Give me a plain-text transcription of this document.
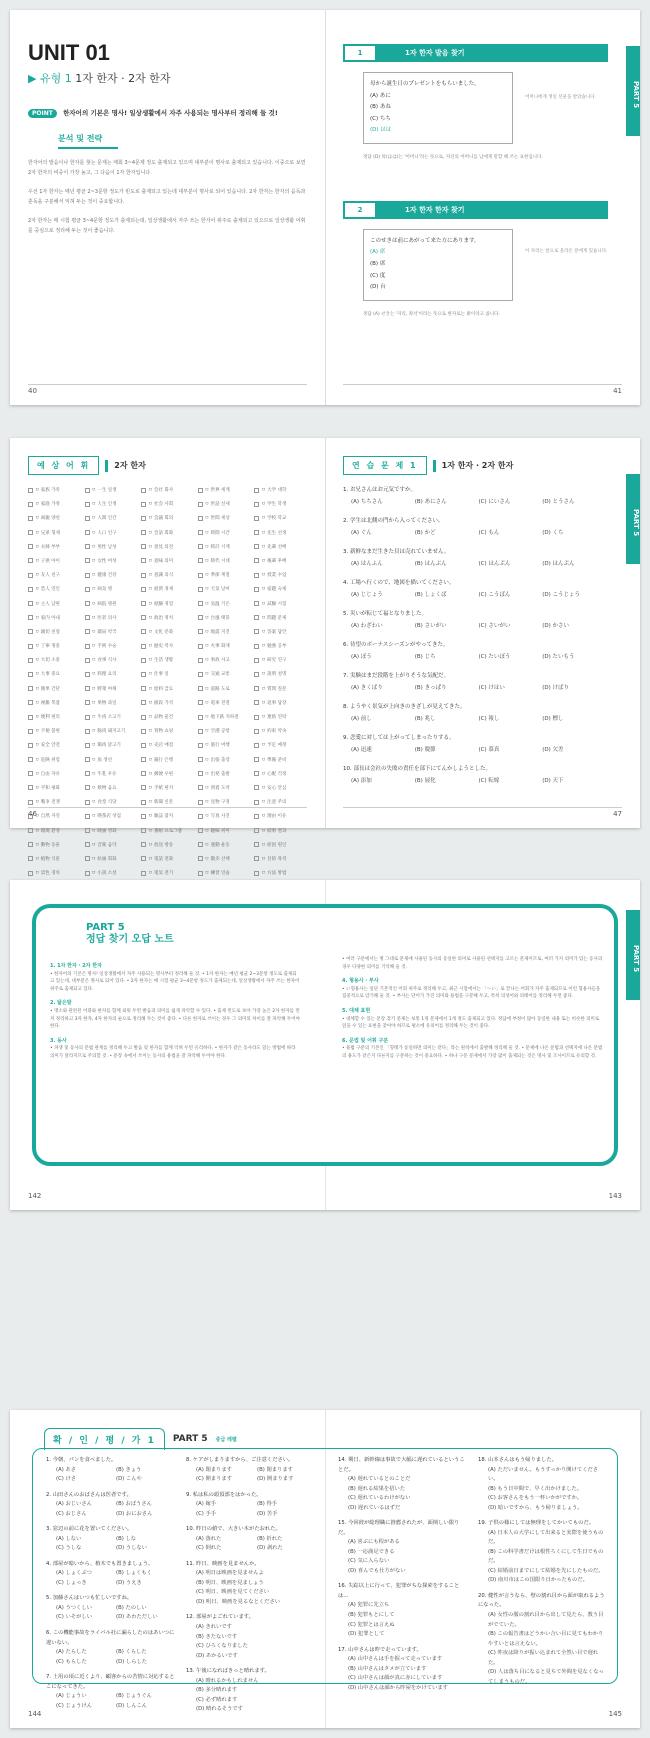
UNIT 01
▶ 유형 1 1자 한자 · 2자 한자
POINT 한자어의 기본은 명사! 일상생활에서 자주 사용되는 명사부터 정리해 둘 것!
분석 및 전략
한자어의 발음이나 한자를 찾는 문제는 매회 3~4문제 정도 출제되고 있으며 대부분이 명사로 출제되고 있습니다. 이중으로 보면 2자 한자의 비중이 가장 높고, 그 다음이 1자 한자입니다.
우선 1자 한자는 매년 평균 2~3문항 정도가 빈도로 출제되고 있는데 대부분이 명사로 되어 있습니다. 2자 한자는 한자의 음독과 훈독을 구분해서 익혀 두는 것이 중요합니다.
2자 한자는 매 시험 평균 3~4문항 정도가 출제되는데, 일상생활에서 자주 쓰는 한자어 위주로 출제되고 있으므로 일상생활 어휘를 중심으로 정리해 두는 것이 좋습니다.
40
PART 5
1	1자 한자 발음 찾기
母から誕生日のプレゼントをもらいました。
(A) あに
(B) あね
(C) ちち
(D) はは
어머니에게 생일 선물을 받았습니다.
정답 (D) 母(はは)는 '어머니'라는 뜻으로, 자신의 어머니를 남에게 말할 때 쓰는 표현입니다.
2	1자 한자 한자 찾기
このせきは前にあがって来た方にあります。
(A) 席
(B) 席
(C) 度
(D) 台
이 자리는 앞으로 올라온 분에게 있습니다.
정답 (A) せき는 '자리, 좌석'이라는 뜻으로 한자로는 席이라고 씁니다.
41
예 상 어 휘	2자 한자
ㅁ 家族 가족	ㅁ 一生 일생	ㅁ 会社 회사	ㅁ 世界 세계	ㅁ 大学 대학
ㅁ 家庭 가정	ㅁ 人生 인생	ㅁ 社会 사회	ㅁ 世話 신세	ㅁ 学生 학생
ㅁ 両親 양친	ㅁ 人間 인간	ㅁ 会議 회의	ㅁ 世間 세상	ㅁ 学校 학교
ㅁ 兄弟 형제	ㅁ 人口 인구	ㅁ 会話 회화	ㅁ 時間 시간	ㅁ 先生 선생
ㅁ 夫婦 부부	ㅁ 男性 남성	ㅁ 意見 의견	ㅁ 時計 시계	ㅁ 先輩 선배
ㅁ 子供 아이	ㅁ 女性 여성	ㅁ 意味 의미	ㅁ 時代 시대	ㅁ 後輩 후배
ㅁ 友人 친구	ㅁ 健康 건강	ㅁ 意識 의식	ㅁ 季節 계절	ㅁ 授業 수업
ㅁ 恋人 연인	ㅁ 病気 병	ㅁ 経済 경제	ㅁ 天気 날씨	ㅁ 宿題 숙제
ㅁ 主人 남편	ㅁ 病院 병원	ㅁ 経験 경험	ㅁ 気温 기온	ㅁ 試験 시험
ㅁ 家内 아내	ㅁ 医者 의사	ㅁ 政治 정치	ㅁ 台風 태풍	ㅁ 問題 문제
ㅁ 親切 친절	ㅁ 薬局 약국	ㅁ 文化 문화	ㅁ 地震 지진	ㅁ 答案 답안
ㅁ 丁寧 정중	ㅁ 手術 수술	ㅁ 歴史 역사	ㅁ 火事 화재	ㅁ 勉強 공부
ㅁ 大切 소중	ㅁ 食事 식사	ㅁ 生活 생활	ㅁ 事故 사고	ㅁ 研究 연구
ㅁ 大事 중요	ㅁ 料理 요리	ㅁ 仕事 일	ㅁ 交通 교통	ㅁ 説明 설명
ㅁ 簡単 간단	ㅁ 野菜 야채	ㅁ 給料 급료	ㅁ 道路 도로	ㅁ 質問 질문
ㅁ 複雑 복잡	ㅁ 果物 과일	ㅁ 値段 가격	ㅁ 電車 전철	ㅁ 返事 답장
ㅁ 便利 편리	ㅁ 牛肉 소고기	ㅁ 品物 물건	ㅁ 地下鉄 지하철	ㅁ 連絡 연락
ㅁ 不便 불편	ㅁ 豚肉 돼지고기	ㅁ 買物 쇼핑	ㅁ 空港 공항	ㅁ 約束 약속
ㅁ 安全 안전	ㅁ 鶏肉 닭고기	ㅁ 売店 매점	ㅁ 旅行 여행	ㅁ 予定 예정
ㅁ 危険 위험	ㅁ 魚 생선	ㅁ 銀行 은행	ㅁ 出張 출장	ㅁ 準備 준비
ㅁ 自由 자유	ㅁ 牛乳 우유	ㅁ 郵便 우편	ㅁ 出発 출발	ㅁ 心配 걱정
ㅁ 平和 평화	ㅁ 飲物 음료	ㅁ 手紙 편지	ㅁ 到着 도착	ㅁ 安心 안심
ㅁ 戦争 전쟁	ㅁ 食堂 식당	ㅁ 新聞 신문	ㅁ 見物 구경	ㅁ 注意 주의
ㅁ 自然 자연	ㅁ 喫茶店 찻집	ㅁ 雑誌 잡지	ㅁ 写真 사진	ㅁ 理由 이유
ㅁ 環境 환경	ㅁ 映画 영화	ㅁ 番組 프로그램	ㅁ 趣味 취미	ㅁ 結果 결과
ㅁ 動物 동물	ㅁ 音楽 음악	ㅁ 放送 방송	ㅁ 運動 운동	ㅁ 原因 원인
ㅁ 植物 식물	ㅁ 絵画 회화	ㅁ 電話 전화	ㅁ 散歩 산책	ㅁ 目的 목적
ㅁ 景色 경치	ㅁ 小説 소설	ㅁ 電気 전기	ㅁ 練習 연습	ㅁ 方法 방법
46
PART 5
연 습 문 제 1	1자 한자 · 2자 한자
1. お兄さんはお元気ですか。
(A) ちちさん	(B) あにさん	(C) にいさん	(D) とうさん
2. 学生は北側の門から入ってください。
(A) ぐん	(B) かど	(C) もん	(D) くち
3. 新鮮なまだ生きた貝は売れていません。
(A) はんふん	(B) はんぶん	(C) はんぷん	(D) はんぷん
4. 工場へ行くので、地図を描いてください。
(A) じじょう	(B) しょくば	(C) こうばん	(D) こうじょう
5. 災いが転じて福となりました。
(A) わざわい	(B) さいがい	(C) さいがい	(D) かさい
6. 待望のボーナスシーズンがやってきた。
(A) ぼう	(B) じち	(C) たいぼう	(D) たいもう
7. 実験はまだ段階を上がりそうな気配だ。
(A) きくばり	(B) きっぱり	(C) けはい	(D) けばり
8. ようやく景気が上向きのきざしが見えてきた。
(A) 前し	(B) 兆し	(C) 報し	(D) 標し
9. 恋愛に対しては上がってしまったりする。
(A) 迅速	(B) 慶節	(C) 慕真	(D) 欠差
10. 部長は会社の失敗の責任を部下にてんかしようとした。
(A) 添加	(B) 展化	(C) 転嫁	(D) 天下
47
PART 5
PART 5
정답 찾기 오답 노트
1. 1자 한자 · 2자 한자
• 한자어의 기본은 명사! 일상생활에서 자주 사용되는 명사부터 정리해 둘 것. • 1자 한자는 매년 평균 2~3문항 정도로 출제되고 있는데, 대부분은 명사로 되어 있다. • 2자 한자는 매 시험 평균 3~4문항 정도가 출제되는데, 일상생활에서 자주 쓰는 한자어 위주로 출제되고 있다.
2. 닮은말
• 명소와 관련된 어휘와 한자를 함께 외워 두면 발음과 의미를 쉽게 파악할 수 있다. • 출제 빈도로 보아 가장 높은 2자 한자를 먼저 정리하고 3자 한자, 4자 한자의 순으로 정리해 두는 것이 좋다. • 다른 한자로 쓰이는 경우 그 의미의 차이를 잘 파악해 두어야 한다.
3. 동사
• 파생 및 동사의 문법 관계를 정리해 두고 발음 및 한자를 함께 익혀 두면 유리하다. • 한자가 같은 동사라도 읽는 방법에 따라 의미가 달라지므로 주의할 것. • 문장 속에서 쓰이는 동사의 용법을 잘 파악해 두어야 한다.
• 여러 구문에서는 명 그대로 문제에 사용된 동사의 동일한 의미로 사용된 선택지를 고르는 문제이므로, 여러 가지 의미가 있는 동사의 경우 다양한 의미를 기억해 둘 것.
4. 형용사 · 부사
• い형용사는 일단 기본적인 어휘 위주로 정리해 두고, 최근 시험에서는 「〜い」로 끝나는 어휘가 자주 출제되므로 이런 형용사들을 집중적으로 암기해 둘 것. • 부사는 단어가 가진 의미와 용법을 구분해 두고, 특히 의성어와 의태어를 정리해 두면 좋다.
5. 대체 표현
• 대체할 수 있는 문장 찾기 문제는 보통 1개 문제에서 1개 정도 출제되고 있다. 정답에 부정이 많아 동일한 내용 또는 비슷한 의미로 읽을 수 있는 표현을 찾아야 하므로 평소에 유의어를 정리해 두는 것이 좋다.
6. 문법 및 어휘 구분
• 용법 구분의 기본인 「형태가 동일하면 의미는 같다」라는 원칙에서 출발해 정리해 둘 것. • 문제에 나온 문법과 선택지에 나온 문법의 용도가 같은지 다른지를 구분하는 것이 중요하다. • 하나 구문 문제에서 가장 많이 출제되는 것은 명사 및 조사이므로 유의할 것.
142	143
확 / 인 / 평 / 가 1	PART 5 중급 레벨
1. 今朝、パンを食べました。
(A) あさ	(B) きょう
(C) けさ	(D) こんや
2. 山田さんのおばさんは医者です。
(A) おじいさん	(B) おばうさん
(C) おじさん	(D) おにおさん
3. 窓辺の前に花を置いてください。
(A) しない	(B) しな
(C) うしな	(D) うしない
4. 部屋が暗いから、植木でも置きましょう。
(A) しょくぶつ	(B) しょくもく
(C) しょっき	(D) うえき
5. 加藤さんはいつも忙しいですね。
(A) うつくしい	(B) たのしい
(C) いそがしい	(D) あわただしい
6. この機能事故をライバル社に漏らしたのはあいつに違いない。
(A) たらした	(B) くらした
(C) もらした	(D) しらした
7. 土用の頃に近くより、顧客からの苦情に対応するとこになってきた。
(A) じょうい	(B) じょうぐん
(C) じょうけん	(D) しんこん
8. ケアがしまりますから、ご注意ください。
(A) 閉まります	(B) 閉まります
(C) 開まります	(D) 開まります
9. 私は私の頭頂部をはかった。
(A) 嫁手	(B) 得手
(C) 手手	(D) 苦手
10. 昨日の値で、大きい木がたおれた。
(A) 落れた	(B) 折れた
(C) 倒れた	(D) 剥れた
11. 昨日、映画を見ませんか。
(A) 明日は映画を見ませんよ
(B) 明日、映画を見ましょう
(C) 明日、映画を見てください
(D) 明日、映画を見るなとください
12. 部屋がよごれています。
(A) きれいです
(B) きたないです
(C) ひろくなりました
(D) あかるいです
13. 午後になればきっと晴れます。
(A) 晴れるかもしれません
(B) 多分晴れます
(C) 必ず晴れます
(D) 晴れるそうです
14. 期日、新幹線は事故で大幅に遅れているということだ。
(A) 遅れているとのことだ
(B) 遅れる結果を招いた
(C) 遅れているわけがない
(D) 遅れているはずだ
15. 今回彼が総理職に推薦されたが、面倒しい限りだ。
(A) 喜ぶにも程がある
(B) 一応満足できる
(C) 気に入らない
(D) 喜んでも仕方がない
16. 失踪以上に行って、犯罪がちな探索をすることは…
(A) 犯罪に先立ち
(B) 犯罪もとにして
(C) 犯罪とは言えぬ
(D) 犯罪として
17. 山中さんは昨で走っています。
(A) 山中さんは手を握って走っています
(B) 山中さんはタメが立ています
(C) 山中さんは顔が真に赤にしています
(D) 山中さんは顔から昨屋をかけています
18. 山本さんはもう帰りました。
(A) ただいません。もうすっかり開けてください。
(B) もう日中間で、早く出かけました。
(C) お客さんをもう一杯いかがですか。
(D) 暗いですから、もう帰りましょう。
19. 子供の様にしては無理をしてかいてものだ。
(A) 日本人の大学にして出来ると実際を使うものだ。
(B) この科学書だけは根性ろくにして生日でものだ。
(C) 結婚前日までにして結婚を先にしたものだ。
(D) 南川市はこの国限り日かったものだ。
20. 健性が言うなら、壁の割れ目から面が取れるようになった。
(A) 女性の服の割れ目から出して見たら、教う目がでていた。
(B) この報告書はどうかい合い目に見てもわかりやすいとは言えない。
(C) 昨夜は降りが振い込まれて全然い目で遅れた。
(D) 人は落ち目になると見ちて外間を見なくなってしまうものだ。
144	145
